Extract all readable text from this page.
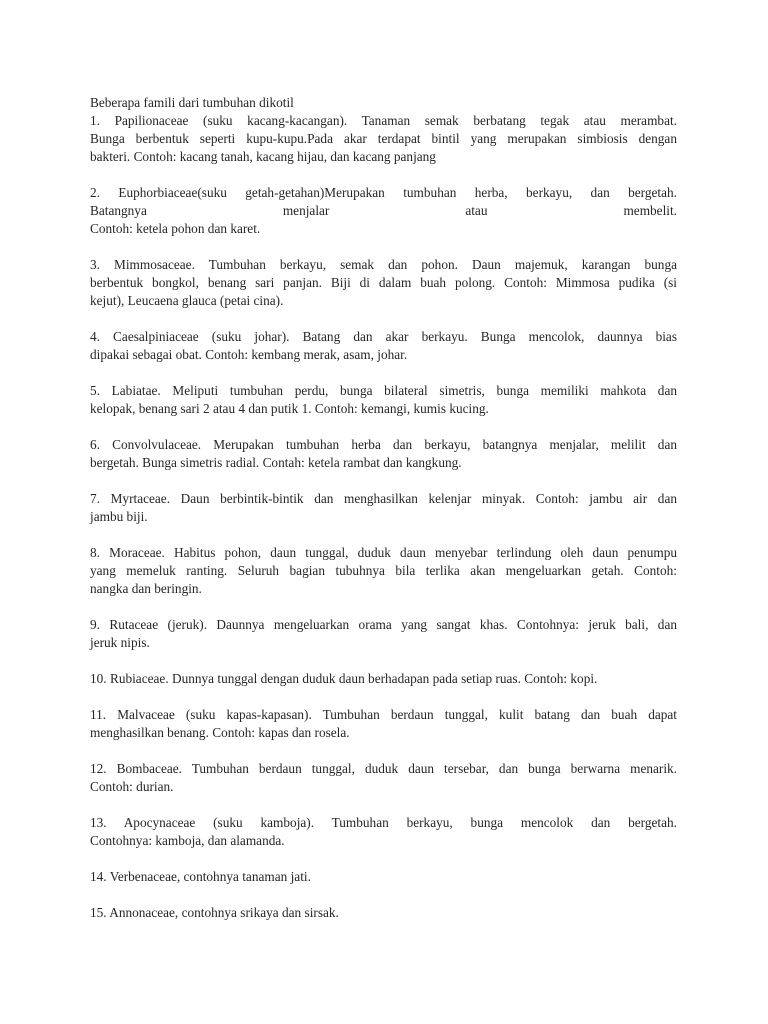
Beberapa famili dari tumbuhan dikotil

1. Papilionaceae (suku kacang-kacangan). Tanaman semak berbatang tegak atau merambat.
Bunga berbentuk seperti kupu-kupu.Pada akar terdapat bintil yang merupakan simbiosis dengan
bakteri. Contoh: kacang tanah, kacang hijau, dan kacang panjang
2. Euphorbiaceae(suku getah-getahan)Merupakan tumbuhan herba, berkayu, dan bergetah.
Batangnya menjalar atau membelit.
Contoh: ketela pohon dan karet.
3. Mimmosaceae. Tumbuhan berkayu, semak dan pohon. Daun majemuk, karangan bunga
berbentuk bongkol, benang sari panjan. Biji di dalam buah polong. Contoh: Mimmosa pudika (si
kejut), Leucaena glauca (petai cina).
4. Caesalpiniaceae (suku johar). Batang dan akar berkayu. Bunga mencolok, daunnya bias
dipakai sebagai obat. Contoh: kembang merak, asam, johar.
5. Labiatae. Meliputi tumbuhan perdu, bunga bilateral simetris, bunga memiliki mahkota dan
kelopak, benang sari 2 atau 4 dan putik 1. Contoh: kemangi, kumis kucing.
6. Convolvulaceae. Merupakan tumbuhan herba dan berkayu, batangnya menjalar, melilit dan
bergetah. Bunga simetris radial. Contah: ketela rambat dan kangkung.
7. Myrtaceae. Daun berbintik-bintik dan menghasilkan kelenjar minyak. Contoh: jambu air dan
jambu biji.
8. Moraceae. Habitus pohon, daun tunggal, duduk daun menyebar terlindung oleh daun penumpu
yang memeluk ranting. Seluruh bagian tubuhnya bila terlika akan mengeluarkan getah. Contoh:
nangka dan beringin.
9. Rutaceae (jeruk). Daunnya mengeluarkan orama yang sangat khas. Contohnya: jeruk bali, dan
jeruk nipis.
10. Rubiaceae. Dunnya tunggal dengan duduk daun berhadapan pada setiap ruas. Contoh: kopi.
11. Malvaceae (suku kapas-kapasan). Tumbuhan berdaun tunggal, kulit batang dan buah dapat
menghasilkan benang. Contoh: kapas dan rosela.
12. Bombaceae. Tumbuhan berdaun tunggal, duduk daun tersebar, dan bunga berwarna menarik.
Contoh: durian.
13. Apocynaceae (suku kamboja). Tumbuhan berkayu, bunga mencolok dan bergetah.
Contohnya: kamboja, dan alamanda.
14. Verbenaceae, contohnya tanaman jati.
15. Annonaceae, contohnya srikaya dan sirsak.
